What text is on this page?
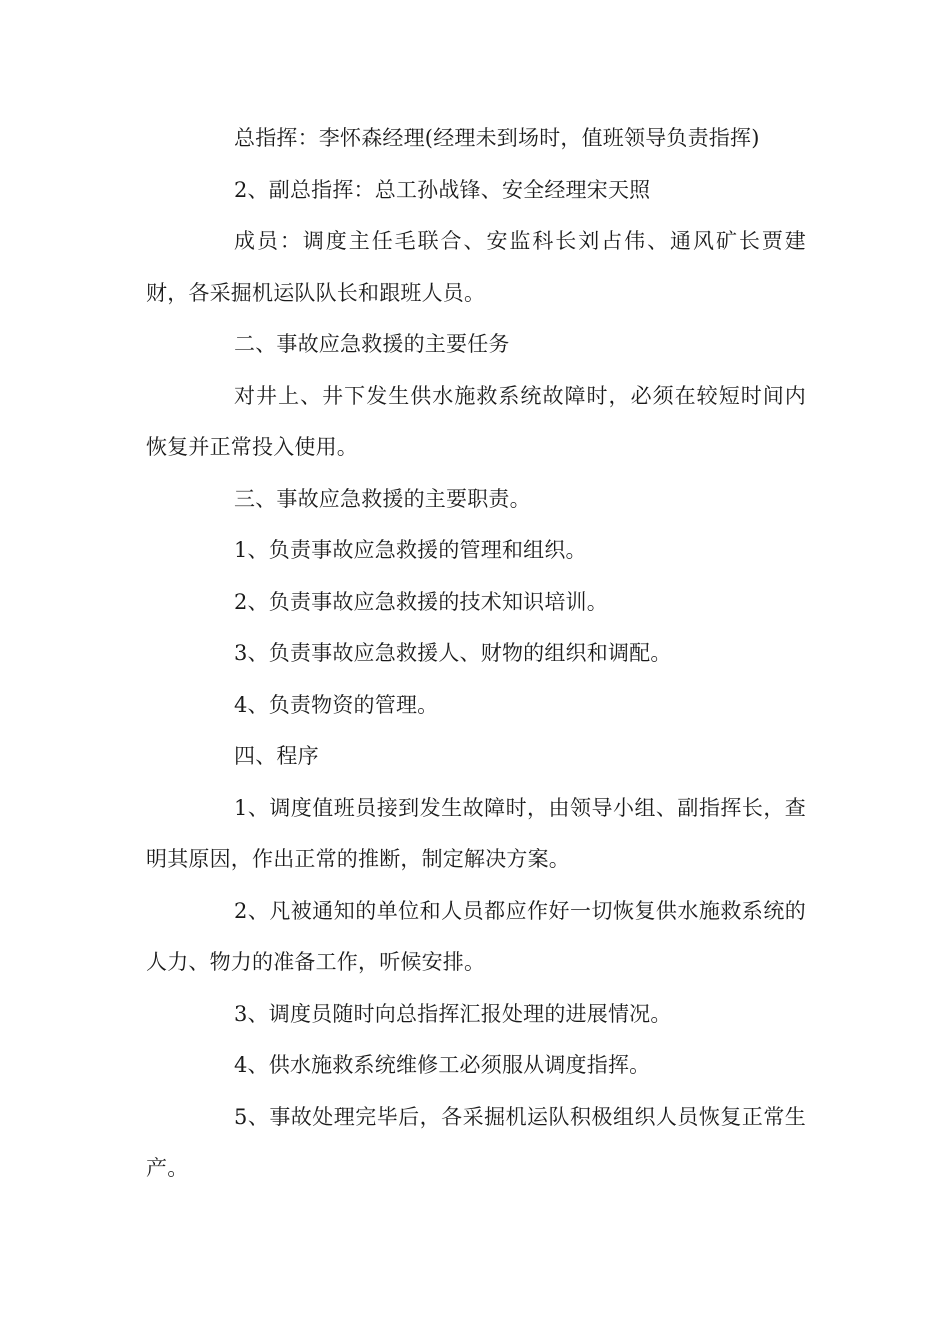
总指挥：李怀森经理(经理未到场时，值班领导负责指挥)

2、副总指挥：总工孙战锋、安全经理宋天照

成员：调度主任毛联合、安监科长刘占伟、通风矿长贾建财，各采掘机运队队长和跟班人员。

二、事故应急救援的主要任务

对井上、井下发生供水施救系统故障时，必须在较短时间内恢复并正常投入使用。

三、事故应急救援的主要职责。

1、负责事故应急救援的管理和组织。

2、负责事故应急救援的技术知识培训。

3、负责事故应急救援人、财物的组织和调配。

4、负责物资的管理。

四、程序

1、调度值班员接到发生故障时，由领导小组、副指挥长，查明其原因，作出正常的推断，制定解决方案。

2、凡被通知的单位和人员都应作好一切恢复供水施救系统的人力、物力的准备工作，听候安排。

3、调度员随时向总指挥汇报处理的进展情况。

4、供水施救系统维修工必须服从调度指挥。

5、事故处理完毕后，各采掘机运队积极组织人员恢复正常生产。
